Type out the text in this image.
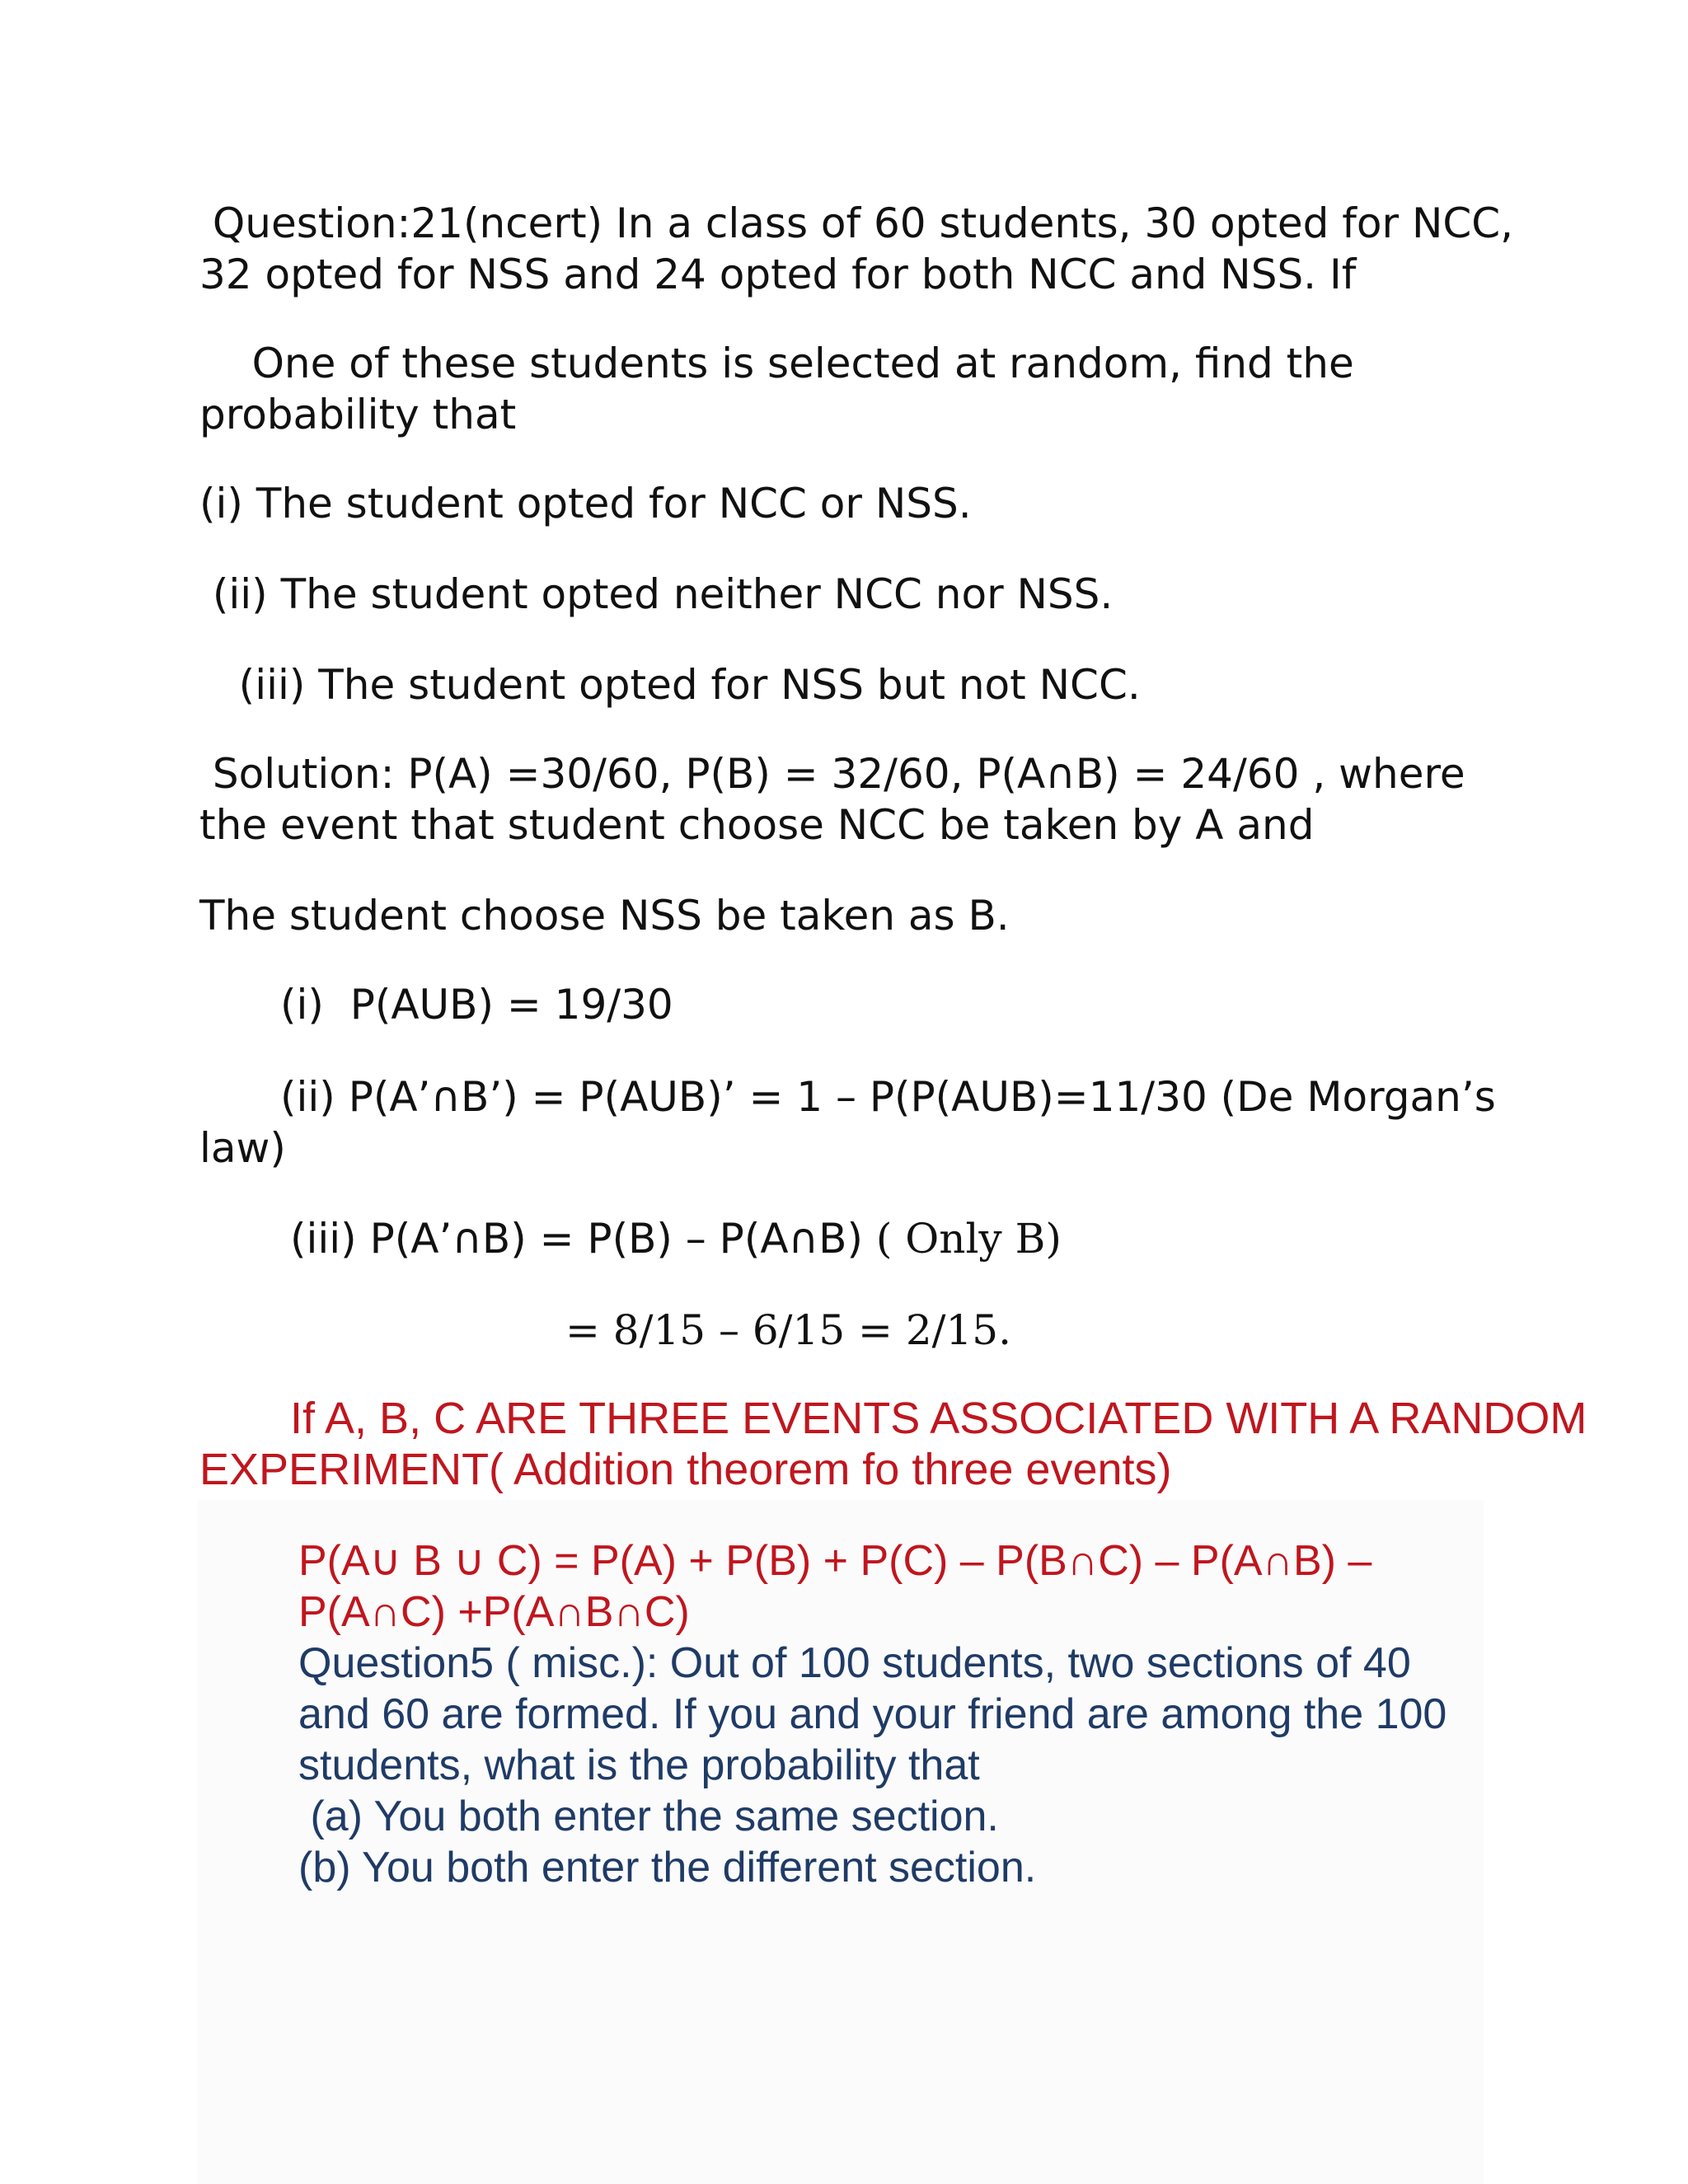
Question:21(ncert) In a class of 60 students, 30 opted for NCC,
32 opted for NSS and 24 opted for both NCC and NSS. If
One of these students is selected at random, find the
probability that
(i) The student opted for NCC or NSS.
(ii) The student opted neither NCC nor NSS.
(iii) The student opted for NSS but not NCC.
Solution: P(A) =30/60, P(B) = 32/60, P(A∩B) = 24/60 , where
the event that student choose NCC be taken by A and
The student choose NSS be taken as B.
(i)  P(AUB) = 19/30
(ii) P(A’∩B’) = P(AUB)’ = 1 – P(P(AUB)=11/30 (De Morgan’s
law)
(iii) P(A’∩B) = P(B) – P(A∩B) ( Only B)
= 8/15 – 6/15 = 2/15.
If A, B, C ARE THREE EVENTS ASSOCIATED WITH A RANDOM
EXPERIMENT( Addition theorem fo three events)
P(A∪ B ∪ C) = P(A) + P(B) + P(C) – P(B∩C) – P(A∩B) –
P(A∩C) +P(A∩B∩C)
Question5 ( misc.): Out of 100 students, two sections of 40
and 60 are formed. If you and your friend are among the 100
students, what is the probability that
(a) You both enter the same section.
(b) You both enter the different section.
